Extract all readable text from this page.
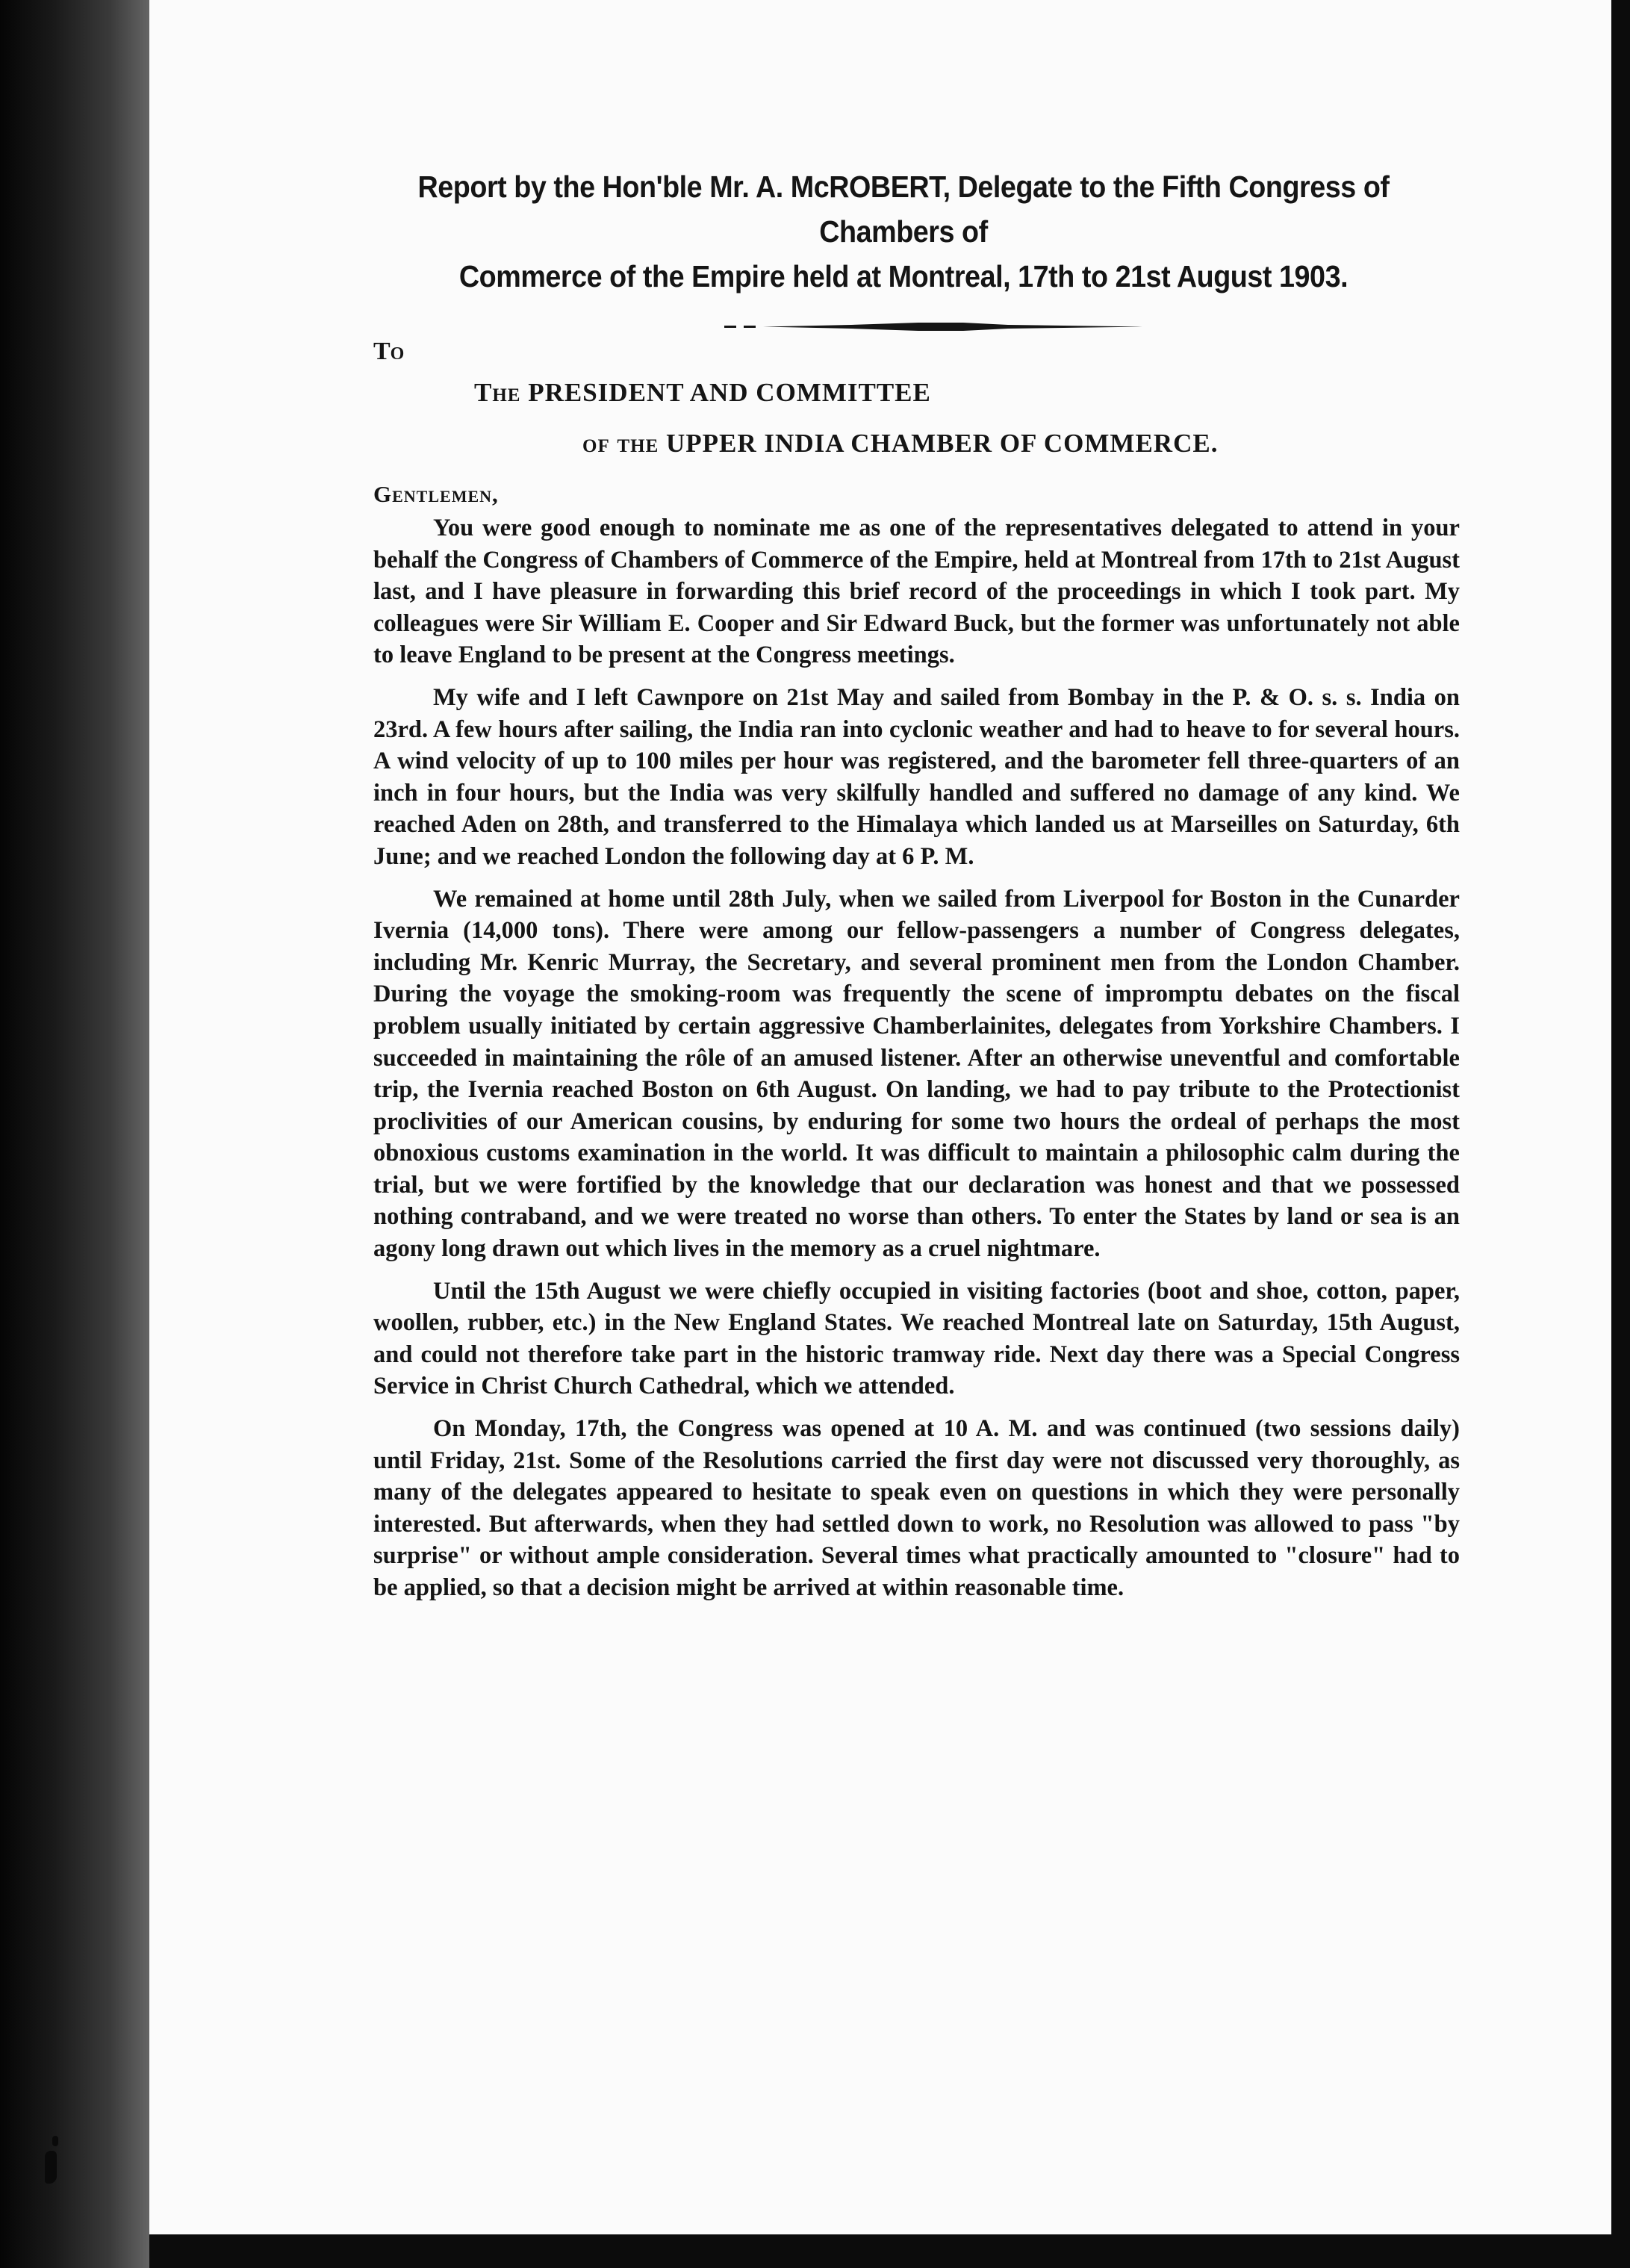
Report by the Hon'ble Mr. A. McROBERT, Delegate to the Fifth Congress of Chambers of
Commerce of the Empire held at Montreal, 17th to 21st August 1903.
To
The PRESIDENT AND COMMITTEE
of the UPPER INDIA CHAMBER OF COMMERCE.
Gentlemen,

You were good enough to nominate me as one of the representatives delegated to attend in your behalf the Congress of Chambers of Commerce of the Empire, held at Montreal from 17th to 21st August last, and I have pleasure in forwarding this brief record of the proceedings in which I took part. My colleagues were Sir William E. Cooper and Sir Edward Buck, but the former was unfortunately not able to leave England to be present at the Congress meetings.

My wife and I left Cawnpore on 21st May and sailed from Bombay in the P. & O. s. s. India on 23rd. A few hours after sailing, the India ran into cyclonic weather and had to heave to for several hours. A wind velocity of up to 100 miles per hour was registered, and the barometer fell three-quarters of an inch in four hours, but the India was very skilfully handled and suffered no damage of any kind. We reached Aden on 28th, and transferred to the Himalaya which landed us at Marseilles on Saturday, 6th June; and we reached London the following day at 6 P. M.

We remained at home until 28th July, when we sailed from Liverpool for Boston in the Cunarder Ivernia (14,000 tons). There were among our fellow-passengers a number of Congress delegates, including Mr. Kenric Murray, the Secretary, and several prominent men from the London Chamber. During the voyage the smoking-room was frequently the scene of impromptu debates on the fiscal problem usually initiated by certain aggressive Chamberlainites, delegates from Yorkshire Chambers. I succeeded in maintaining the rôle of an amused listener. After an otherwise uneventful and comfortable trip, the Ivernia reached Boston on 6th August. On landing, we had to pay tribute to the Protectionist proclivities of our American cousins, by enduring for some two hours the ordeal of perhaps the most obnoxious customs examination in the world. It was difficult to maintain a philosophic calm during the trial, but we were fortified by the knowledge that our declaration was honest and that we possessed nothing contraband, and we were treated no worse than others. To enter the States by land or sea is an agony long drawn out which lives in the memory as a cruel nightmare.

Until the 15th August we were chiefly occupied in visiting factories (boot and shoe, cotton, paper, woollen, rubber, etc.) in the New England States. We reached Montreal late on Saturday, 15th August, and could not therefore take part in the historic tramway ride. Next day there was a Special Congress Service in Christ Church Cathedral, which we attended.

On Monday, 17th, the Congress was opened at 10 A. M. and was continued (two sessions daily) until Friday, 21st. Some of the Resolutions carried the first day were not discussed very thoroughly, as many of the delegates appeared to hesitate to speak even on questions in which they were personally interested. But afterwards, when they had settled down to work, no Resolution was allowed to pass "by surprise" or without ample consideration. Several times what practically amounted to "closure" had to be applied, so that a decision might be arrived at within reasonable time.
